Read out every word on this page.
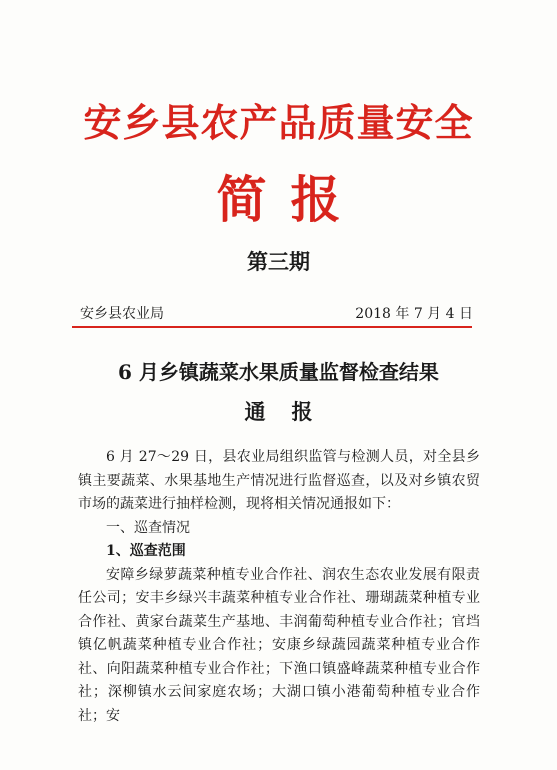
安乡县农产品质量安全
简报
第三期
安乡县农业局	2018 年 7 月 4 日
6 月乡镇蔬菜水果质量监督检查结果
通报

6 月 27～29 日，县农业局组织监管与检测人员，对全县乡镇主要蔬菜、水果基地生产情况进行监督巡查，以及对乡镇农贸市场的蔬菜进行抽样检测，现将相关情况通报如下：

一、巡查情况

1、巡查范围

安障乡绿萝蔬菜种植专业合作社、润农生态农业发展有限责任公司；安丰乡绿兴丰蔬菜种植专业合作社、珊瑚蔬菜种植专业合作社、黄家台蔬菜生产基地、丰润葡萄种植专业合作社；官垱镇亿帆蔬菜种植专业合作社；安康乡绿蔬园蔬菜种植专业合作社、向阳蔬菜种植专业合作社；下渔口镇盛峰蔬菜种植专业合作社；深柳镇水云间家庭农场；大湖口镇小港葡萄种植专业合作社；安
